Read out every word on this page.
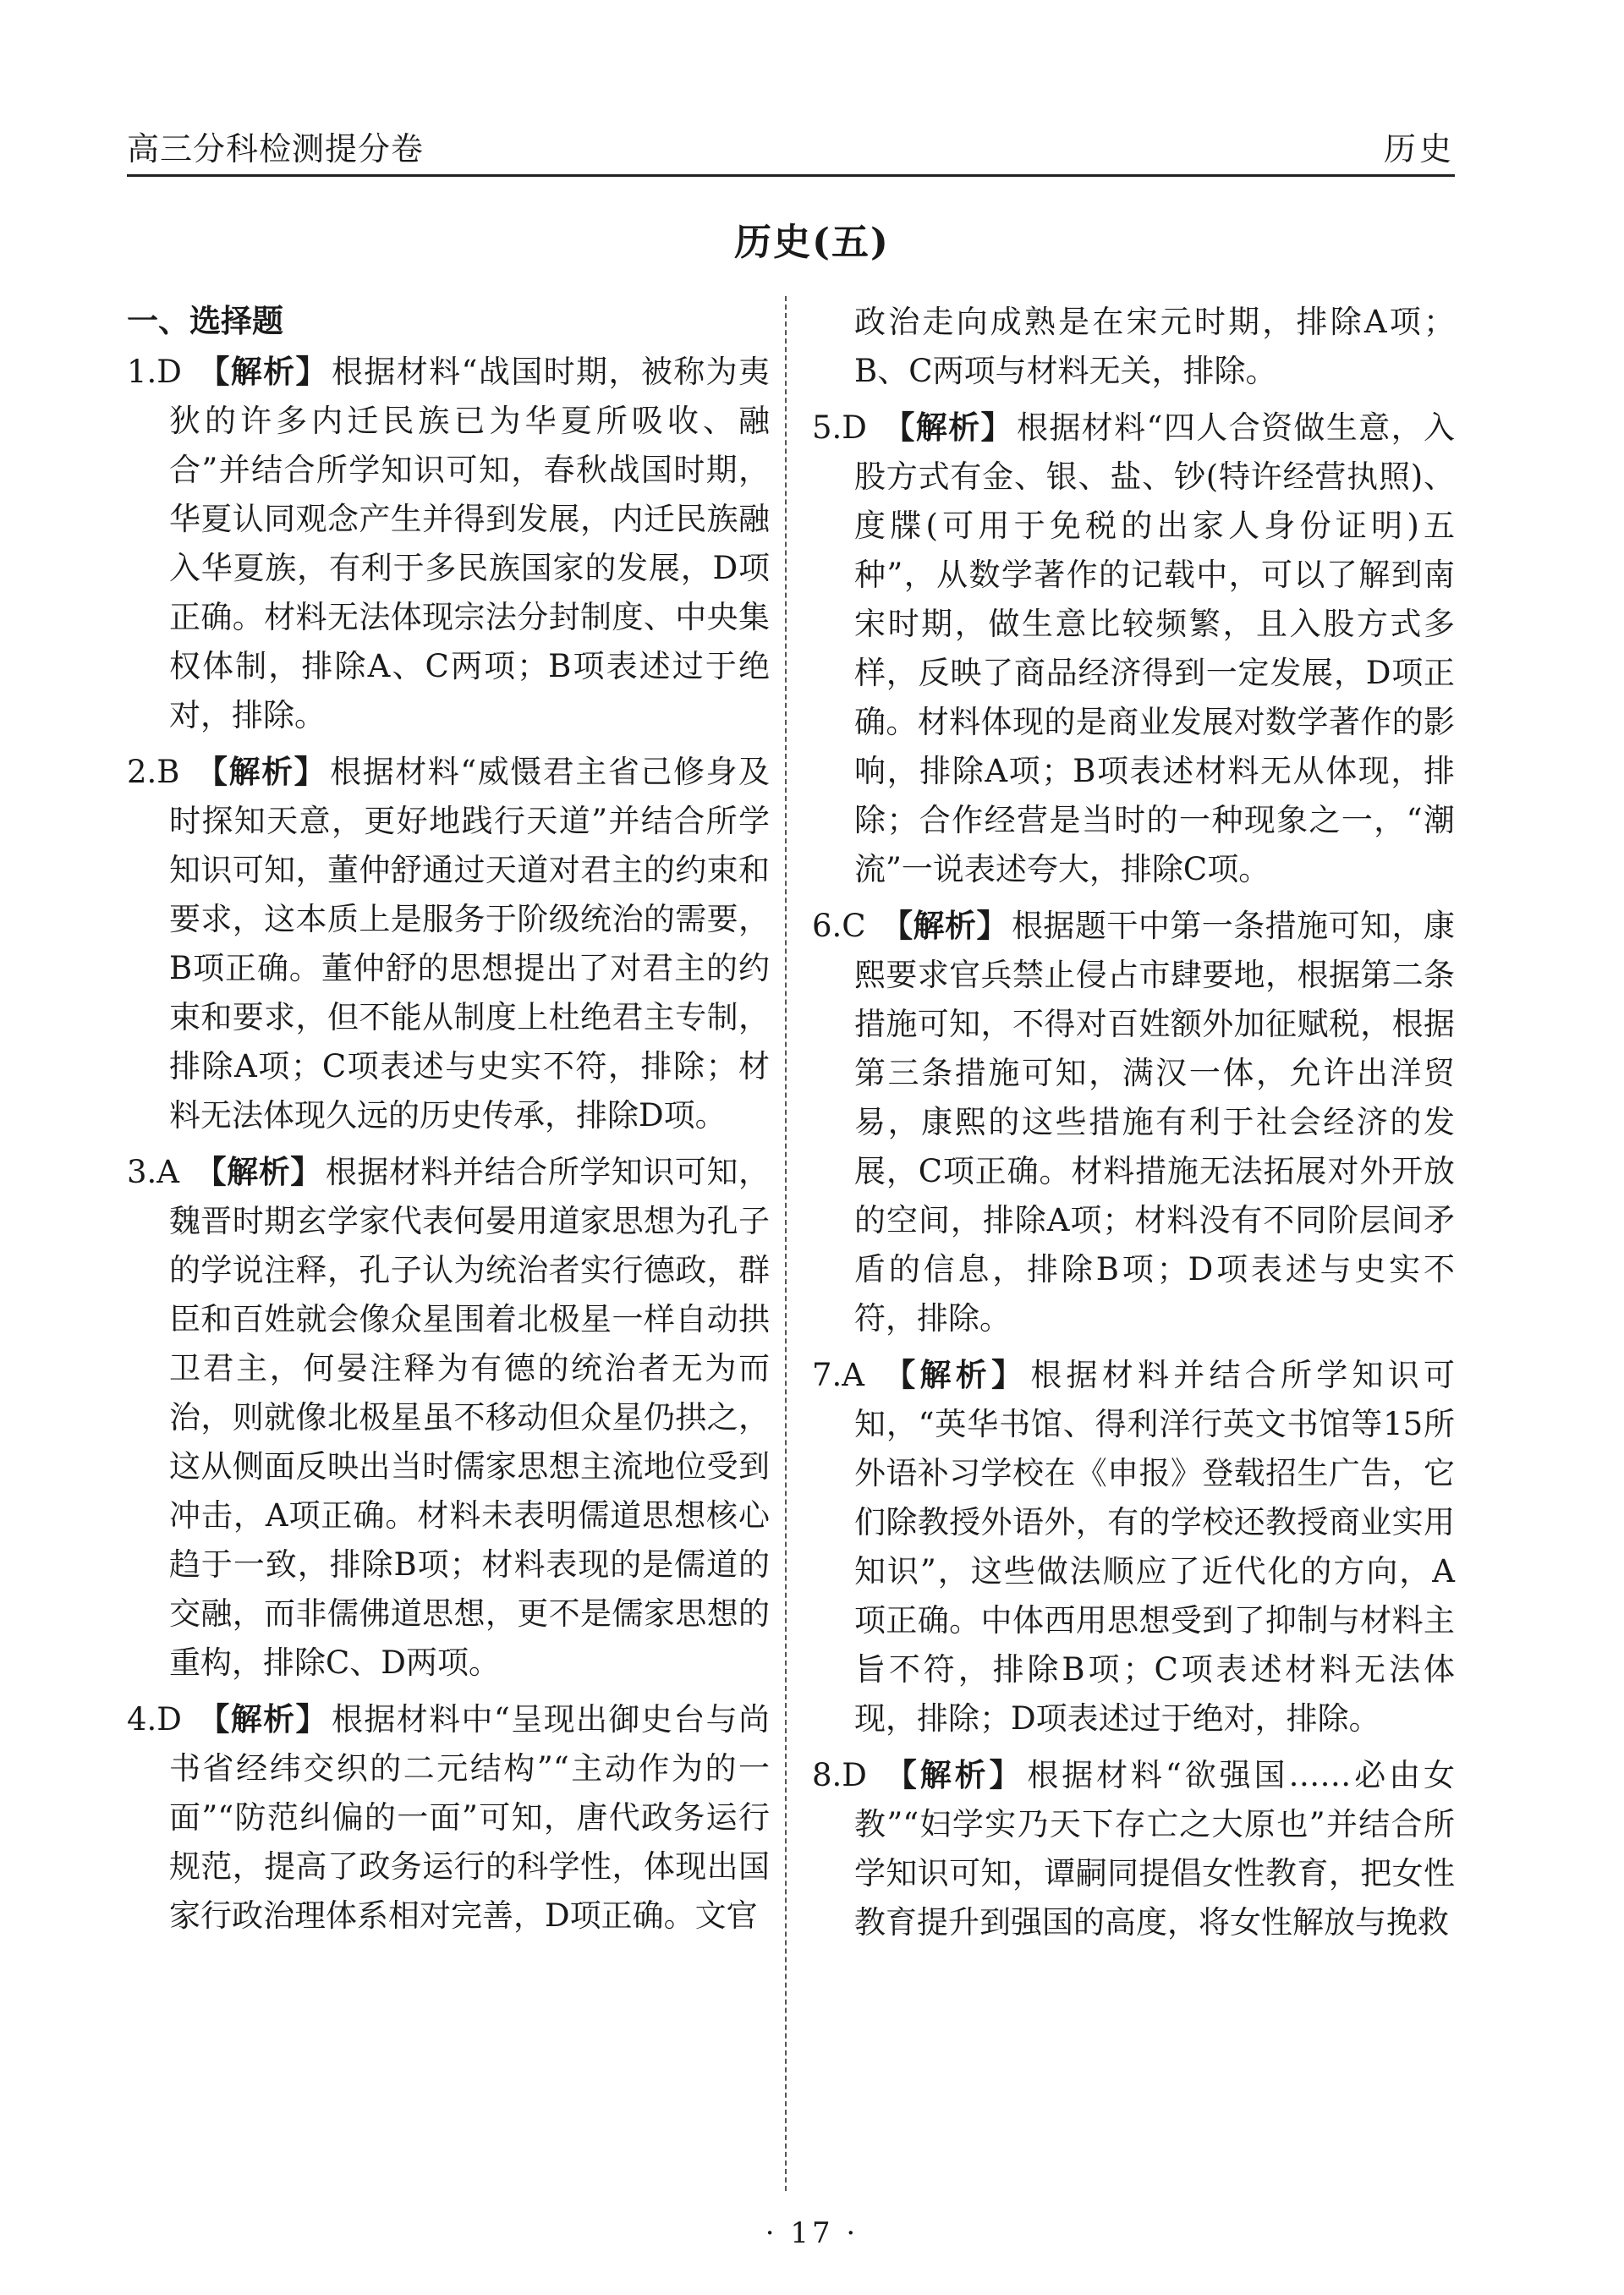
高三分科检测提分卷	历史
历史(五)
一、选择题

1.D 【解析】 根据材料“战国时期，被称为夷狄的许多内迁民族已为华夏所吸收、融合”并结合所学知识可知，春秋战国时期，华夏认同观念产生并得到发展，内迁民族融入华夏族，有利于多民族国家的发展，D项正确。材料无法体现宗法分封制度、中央集权体制，排除A、C两项；B项表述过于绝对，排除。

2.B 【解析】 根据材料“威慑君主省己修身及时探知天意，更好地践行天道”并结合所学知识可知，董仲舒通过天道对君主的约束和要求，这本质上是服务于阶级统治的需要，B项正确。董仲舒的思想提出了对君主的约束和要求，但不能从制度上杜绝君主专制，排除A项；C项表述与史实不符，排除；材料无法体现久远的历史传承，排除D项。

3.A 【解析】 根据材料并结合所学知识可知，魏晋时期玄学家代表何晏用道家思想为孔子的学说注释，孔子认为统治者实行德政，群臣和百姓就会像众星围着北极星一样自动拱卫君主，何晏注释为有德的统治者无为而治，则就像北极星虽不移动但众星仍拱之，这从侧面反映出当时儒家思想主流地位受到冲击，A项正确。材料未表明儒道思想核心趋于一致，排除B项；材料表现的是儒道的交融，而非儒佛道思想，更不是儒家思想的重构，排除C、D两项。

4.D 【解析】 根据材料中“呈现出御史台与尚书省经纬交织的二元结构”“主动作为的一面”“防范纠偏的一面”可知，唐代政务运行规范，提高了政务运行的科学性，体现出国家行政治理体系相对完善，D项正确。文官

政治走向成熟是在宋元时期，排除A项；B、C两项与材料无关，排除。

5.D 【解析】 根据材料“四人合资做生意，入股方式有金、银、盐、钞(特许经营执照)、度牒(可用于免税的出家人身份证明)五种”，从数学著作的记载中，可以了解到南宋时期，做生意比较频繁，且入股方式多样，反映了商品经济得到一定发展，D项正确。材料体现的是商业发展对数学著作的影响，排除A项；B项表述材料无从体现，排除；合作经营是当时的一种现象之一，“潮流”一说表述夸大，排除C项。

6.C 【解析】 根据题干中第一条措施可知，康熙要求官兵禁止侵占市肆要地，根据第二条措施可知，不得对百姓额外加征赋税，根据第三条措施可知，满汉一体，允许出洋贸易，康熙的这些措施有利于社会经济的发展，C项正确。材料措施无法拓展对外开放的空间，排除A项；材料没有不同阶层间矛盾的信息，排除B项；D项表述与史实不符，排除。

7.A 【解析】 根据材料并结合所学知识可知，“英华书馆、得利洋行英文书馆等15所外语补习学校在《申报》登载招生广告，它们除教授外语外，有的学校还教授商业实用知识”，这些做法顺应了近代化的方向，A项正确。中体西用思想受到了抑制与材料主旨不符，排除B项；C项表述材料无法体现，排除；D项表述过于绝对，排除。

8.D 【解析】 根据材料“欲强国……必由女教”“妇学实乃天下存亡之大原也”并结合所学知识可知，谭嗣同提倡女性教育，把女性教育提升到强国的高度，将女性解放与挽救

· 17 ·
